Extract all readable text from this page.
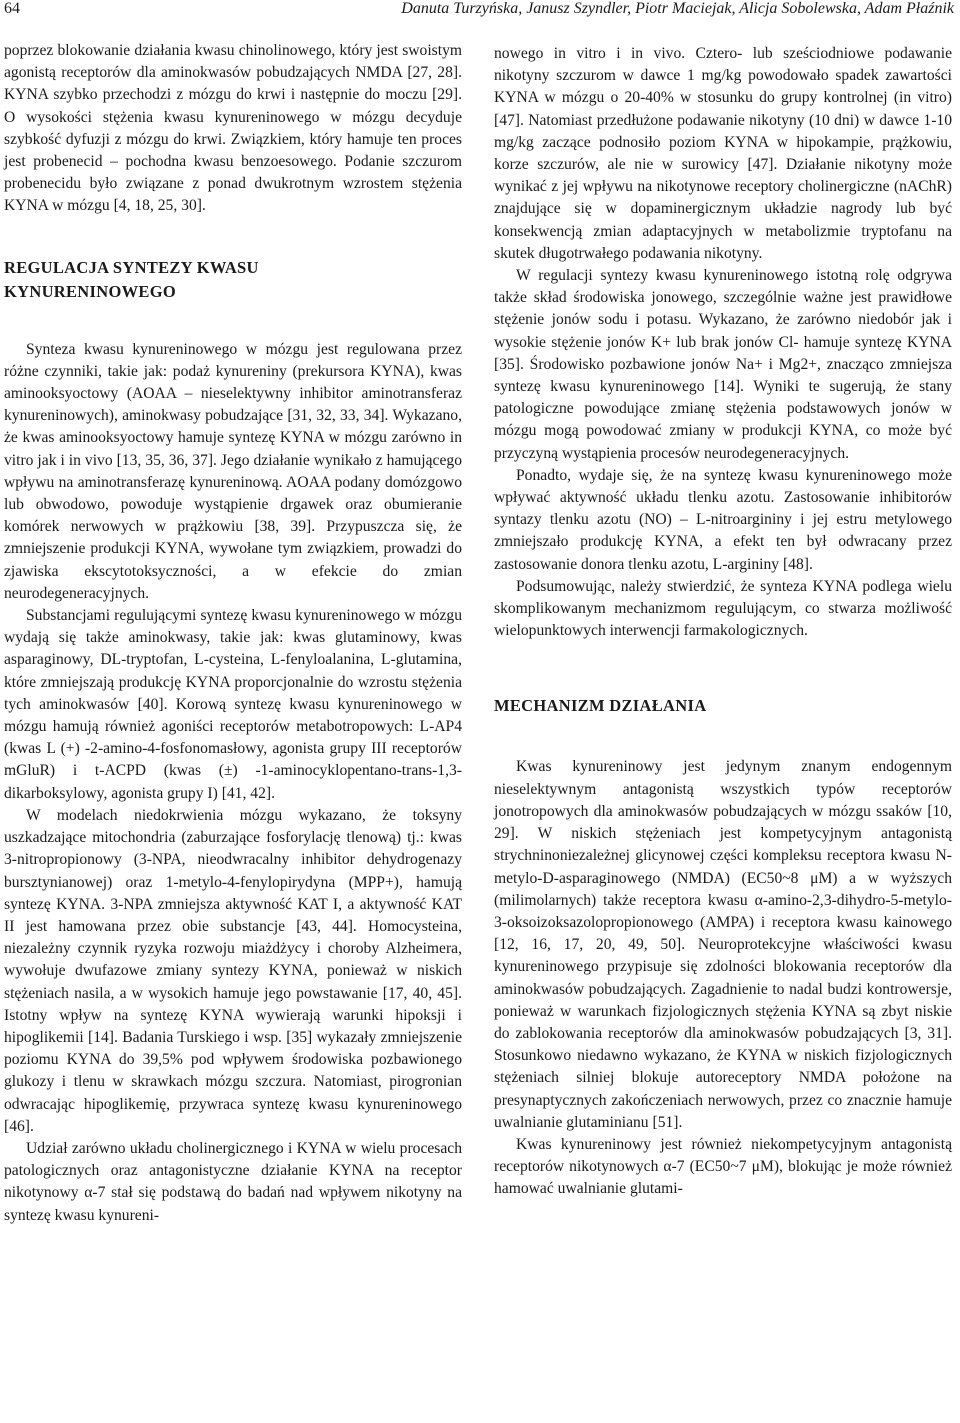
64	Danuta Turzyńska, Janusz Szyndler, Piotr Maciejak, Alicja Sobolewska, Adam Płaźnik

poprzez blokowanie działania kwasu chinolinowego, który jest swoistym agonistą receptorów dla aminokwasów pobudzających NMDA [27, 28]. KYNA szybko przechodzi z mózgu do krwi i następnie do moczu [29]. O wysokości stężenia kwasu kynureninowego w mózgu decyduje szybkość dyfuzji z mózgu do krwi. Związkiem, który hamuje ten proces jest probenecid – pochodna kwasu benzoesowego. Podanie szczurom probenecidu było związane z ponad dwukrotnym wzrostem stężenia KYNA w mózgu [4, 18, 25, 30].

REGULACJA SYNTEZY KWASU
KYNURENINOWEGO

Synteza kwasu kynureninowego w mózgu jest regulowana przez różne czynniki, takie jak: podaż kynureniny (prekursora KYNA), kwas aminooksyoctowy (AOAA – nieselektywny inhibitor aminotransferaz kynureninowych), aminokwasy pobudzające [31, 32, 33, 34]. Wykazano, że kwas aminooksyoctowy hamuje syntezę KYNA w mózgu zarówno in vitro jak i in vivo [13, 35, 36, 37]. Jego działanie wynikało z hamującego wpływu na aminotransferazę kynureninową. AOAA podany domózgowo lub obwodowo, powoduje wystąpienie drgawek oraz obumieranie komórek nerwowych w prążkowiu [38, 39]. Przypuszcza się, że zmniejszenie produkcji KYNA, wywołane tym związkiem, prowadzi do zjawiska ekscytotoksyczności, a w efekcie do zmian neurodegeneracyjnych.

Substancjami regulującymi syntezę kwasu kynureninowego w mózgu wydają się także aminokwasy, takie jak: kwas glutaminowy, kwas asparaginowy, DL-tryptofan, L-cysteina, L-fenyloalanina, L-glutamina, które zmniejszają produkcję KYNA proporcjonalnie do wzrostu stężenia tych aminokwasów [40]. Korową syntezę kwasu kynureninowego w mózgu hamują również agoniści receptorów metabotropowych: L-AP4 (kwas L (+) -2-amino-4-fosfonomasłowy, agonista grupy III receptorów mGluR) i t-ACPD (kwas (±) -1-aminocyklopentano-trans-1,3-dikarboksylowy, agonista grupy I) [41, 42].

W modelach niedokrwienia mózgu wykazano, że toksyny uszkadzające mitochondria (zaburzające fosforylację tlenową) tj.: kwas 3-nitropropionowy (3-NPA, nieodwracalny inhibitor dehydrogenazy bursztynianowej) oraz 1-metylo-4-fenylopirydyna (MPP+), hamują syntezę KYNA. 3-NPA zmniejsza aktywność KAT I, a aktywność KAT II jest hamowana przez obie substancje [43, 44]. Homocysteina, niezależny czynnik ryzyka rozwoju miażdżycy i choroby Alzheimera, wywołuje dwufazowe zmiany syntezy KYNA, ponieważ w niskich stężeniach nasila, a w wysokich hamuje jego powstawanie [17, 40, 45]. Istotny wpływ na syntezę KYNA wywierają warunki hipoksji i hipoglikemii [14]. Badania Turskiego i wsp. [35] wykazały zmniejszenie poziomu KYNA do 39,5% pod wpływem środowiska pozbawionego glukozy i tlenu w skrawkach mózgu szczura. Natomiast, pirogronian odwracając hipoglikemię, przywraca syntezę kwasu kynureninowego [46].

Udział zarówno układu cholinergicznego i KYNA w wielu procesach patologicznych oraz antagonistyczne działanie KYNA na receptor nikotynowy α-7 stał się podstawą do badań nad wpływem nikotyny na syntezę kwasu kynureni-

nowego in vitro i in vivo. Cztero- lub sześciodniowe podawanie nikotyny szczurom w dawce 1 mg/kg powodowało spadek zawartości KYNA w mózgu o 20-40% w stosunku do grupy kontrolnej (in vitro) [47]. Natomiast przedłużone podawanie nikotyny (10 dni) w dawce 1-10 mg/kg zaczące podnosiło poziom KYNA w hipokampie, prążkowiu, korze szczurów, ale nie w surowicy [47]. Działanie nikotyny może wynikać z jej wpływu na nikotynowe receptory cholinergiczne (nAChR) znajdujące się w dopaminergicznym układzie nagrody lub być konsekwencją zmian adaptacyjnych w metabolizmie tryptofanu na skutek długotrwałego podawania nikotyny.

W regulacji syntezy kwasu kynureninowego istotną rolę odgrywa także skład środowiska jonowego, szczególnie ważne jest prawidłowe stężenie jonów sodu i potasu. Wykazano, że zarówno niedobór jak i wysokie stężenie jonów K+ lub brak jonów Cl- hamuje syntezę KYNA [35]. Środowisko pozbawione jonów Na+ i Mg2+, znacząco zmniejsza syntezę kwasu kynureninowego [14]. Wyniki te sugerują, że stany patologiczne powodujące zmianę stężenia podstawowych jonów w mózgu mogą powodować zmiany w produkcji KYNA, co może być przyczyną wystąpienia procesów neurodegeneracyjnych.

Ponadto, wydaje się, że na syntezę kwasu kynureninowego może wpływać aktywność układu tlenku azotu. Zastosowanie inhibitorów syntazy tlenku azotu (NO) – L-nitroargininy i jej estru metylowego zmniejszało produkcję KYNA, a efekt ten był odwracany przez zastosowanie donora tlenku azotu, L-argininy [48].

Podsumowując, należy stwierdzić, że synteza KYNA podlega wielu skomplikowanym mechanizmom regulującym, co stwarza możliwość wielopunktowych interwencji farmakologicznych.

MECHANIZM DZIAŁANIA

Kwas kynureninowy jest jedynym znanym endogennym nieselektywnym antagonistą wszystkich typów receptorów jonotropowych dla aminokwasów pobudzających w mózgu ssaków [10, 29]. W niskich stężeniach jest kompetycyjnym antagonistą strychninoniezależnej glicynowej części kompleksu receptora kwasu N-metylo-D-asparaginowego (NMDA) (EC50~8 μM) a w wyższych (milimolarnych) także receptora kwasu α-amino-2,3-dihydro-5-metylo-3-oksoizoksazolopropionowego (AMPA) i receptora kwasu kainowego [12, 16, 17, 20, 49, 50]. Neuroprotekcyjne właściwości kwasu kynureninowego przypisuje się zdolności blokowania receptorów dla aminokwasów pobudzających. Zagadnienie to nadal budzi kontrowersje, ponieważ w warunkach fizjologicznych stężenia KYNA są zbyt niskie do zablokowania receptorów dla aminokwasów pobudzających [3, 31]. Stosunkowo niedawno wykazano, że KYNA w niskich fizjologicznych stężeniach silniej blokuje autoreceptory NMDA położone na presynaptycznych zakończeniach nerwowych, przez co znacznie hamuje uwalnianie glutaminianu [51].

Kwas kynureninowy jest również niekompetycyjnym antagonistą receptorów nikotynowych α-7 (EC50~7 μM), blokując je może również hamować uwalnianie glutami-
